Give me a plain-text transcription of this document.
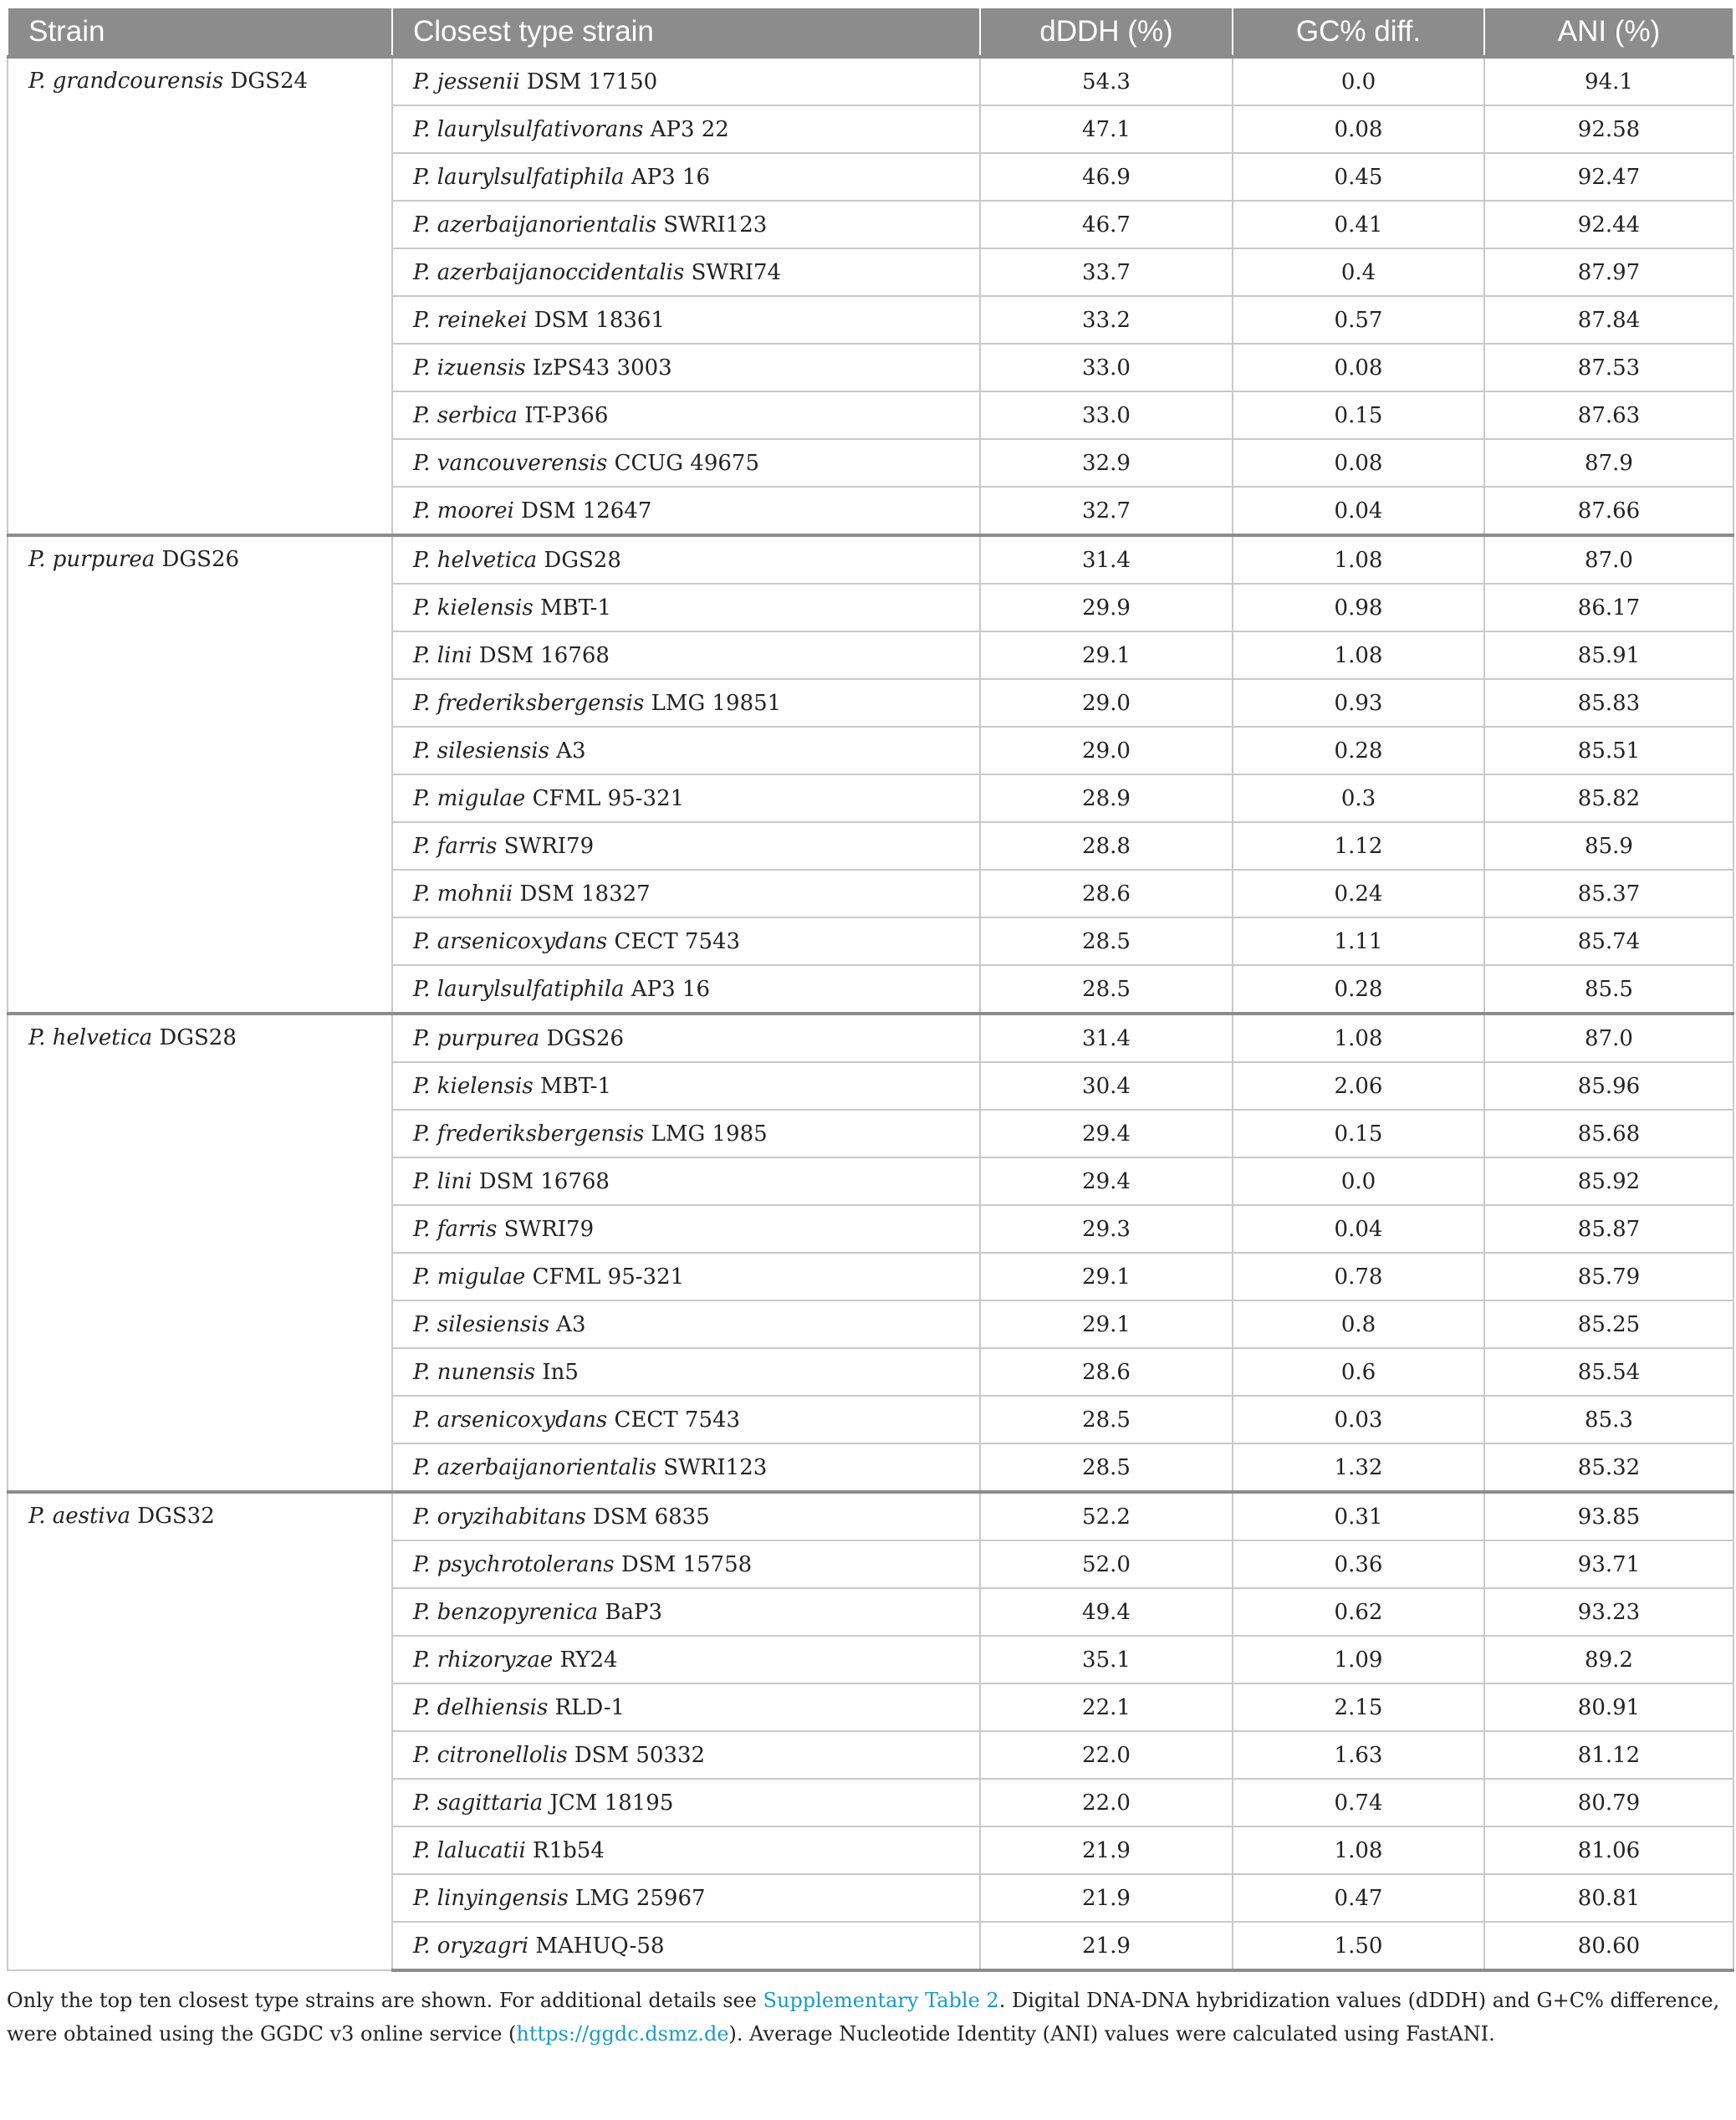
Strain	Closest type strain	dDDH (%)	GC% diff.	ANI (%)
P. grandcourensis DGS24	P. jessenii DSM 17150	54.3	0.0	94.1
	P. laurylsulfativorans AP3 22	47.1	0.08	92.58
	P. laurylsulfatiphila AP3 16	46.9	0.45	92.47
	P. azerbaijanorientalis SWRI123	46.7	0.41	92.44
	P. azerbaijanoccidentalis SWRI74	33.7	0.4	87.97
	P. reinekei DSM 18361	33.2	0.57	87.84
	P. izuensis IzPS43 3003	33.0	0.08	87.53
	P. serbica IT-P366	33.0	0.15	87.63
	P. vancouverensis CCUG 49675	32.9	0.08	87.9
	P. moorei DSM 12647	32.7	0.04	87.66
P. purpurea DGS26	P. helvetica DGS28	31.4	1.08	87.0
	P. kielensis MBT-1	29.9	0.98	86.17
	P. lini DSM 16768	29.1	1.08	85.91
	P. frederiksbergensis LMG 19851	29.0	0.93	85.83
	P. silesiensis A3	29.0	0.28	85.51
	P. migulae CFML 95-321	28.9	0.3	85.82
	P. farris SWRI79	28.8	1.12	85.9
	P. mohnii DSM 18327	28.6	0.24	85.37
	P. arsenicoxydans CECT 7543	28.5	1.11	85.74
	P. laurylsulfatiphila AP3 16	28.5	0.28	85.5
P. helvetica DGS28	P. purpurea DGS26	31.4	1.08	87.0
	P. kielensis MBT-1	30.4	2.06	85.96
	P. frederiksbergensis LMG 1985	29.4	0.15	85.68
	P. lini DSM 16768	29.4	0.0	85.92
	P. farris SWRI79	29.3	0.04	85.87
	P. migulae CFML 95-321	29.1	0.78	85.79
	P. silesiensis A3	29.1	0.8	85.25
	P. nunensis In5	28.6	0.6	85.54
	P. arsenicoxydans CECT 7543	28.5	0.03	85.3
	P. azerbaijanorientalis SWRI123	28.5	1.32	85.32
P. aestiva DGS32	P. oryzihabitans DSM 6835	52.2	0.31	93.85
	P. psychrotolerans DSM 15758	52.0	0.36	93.71
	P. benzopyrenica BaP3	49.4	0.62	93.23
	P. rhizoryzae RY24	35.1	1.09	89.2
	P. delhiensis RLD-1	22.1	2.15	80.91
	P. citronellolis DSM 50332	22.0	1.63	81.12
	P. sagittaria JCM 18195	22.0	0.74	80.79
	P. lalucatii R1b54	21.9	1.08	81.06
	P. linyingensis LMG 25967	21.9	0.47	80.81
	P. oryzagri MAHUQ-58	21.9	1.50	80.60

Only the top ten closest type strains are shown. For additional details see Supplementary Table 2. Digital DNA-DNA hybridization values (dDDH) and G+C% difference, were obtained using the GGDC v3 online service (https://ggdc.dsmz.de). Average Nucleotide Identity (ANI) values were calculated using FastANI.
